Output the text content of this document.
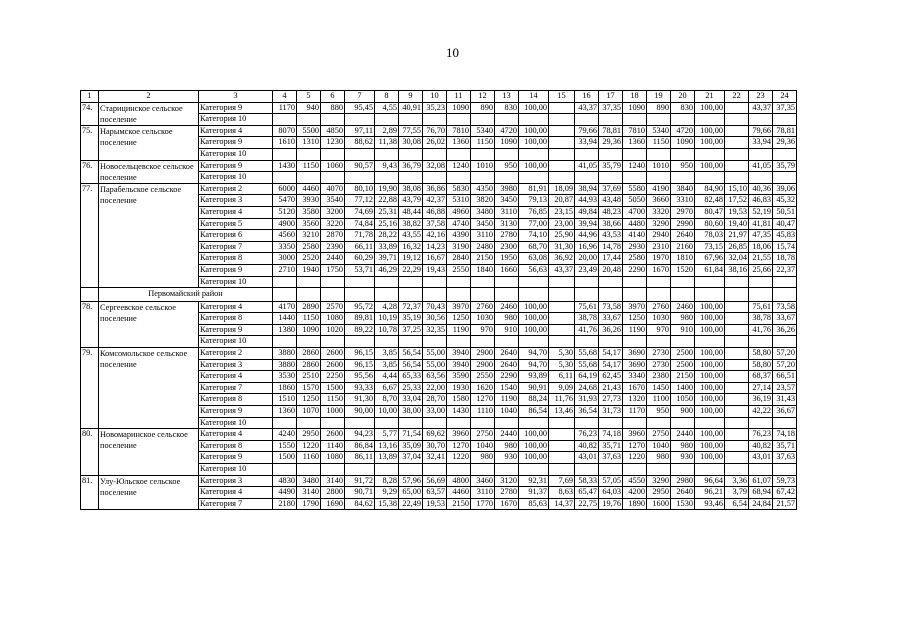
10
1	2	3	4	5	6	7	8	9	10	11	12	13	14	15	16	17	18	19	20	21	22	23	24
74.	Старицинское сельское поселение	Категория 9	1170	940	880	95,45	4,55	40,91	35,23	1090	890	830	100,00		43,37	37,35	1090	890	830	100,00		43,37	37,35
		Категория 10																					
75.	Нарымское сельское поселение	Категория 4	8070	5500	4850	97,11	2,89	77,55	76,70	7810	5340	4720	100,00		79,66	78,81	7810	5340	4720	100,00		79,66	78,81
		Категория 9	1610	1310	1230	88,62	11,38	30,08	26,02	1360	1150	1090	100,00		33,94	29,36	1360	1150	1090	100,00		33,94	29,36
		Категория 10																					
76.	Новосельцевское сельское поселение	Категория 9	1430	1150	1060	90,57	9,43	36,79	32,08	1240	1010	950	100,00		41,05	35,79	1240	1010	950	100,00		41,05	35,79
		Категория 10																					
77.	Парабельское сельское поселение	Категория 2	6000	4460	4070	80,10	19,90	38,08	36,86	5830	4350	3980	81,91	18,09	38,94	37,69	5580	4190	3840	84,90	15,10	40,36	39,06
		Категория 3	5470	3930	3540	77,12	22,88	43,79	42,37	5310	3820	3450	79,13	20,87	44,93	43,48	5050	3660	3310	82,48	17,52	46,83	45,32
		Категория 4	5120	3580	3200	74,69	25,31	48,44	46,88	4960	3480	3110	76,85	23,15	49,84	48,23	4700	3320	2970	80,47	19,53	52,19	50,51
		Категория 5	4900	3560	3220	74,84	25,16	38,82	37,58	4740	3450	3130	77,00	23,00	39,94	38,66	4480	3290	2990	80,60	19,40	41,81	40,47
		Категория 6	4560	3210	2870	71,78	28,22	43,55	42,16	4390	3110	2780	74,10	25,90	44,96	43,53	4140	2940	2640	78,03	21,97	47,35	45,83
		Категория 7	3350	2580	2390	66,11	33,89	16,32	14,23	3190	2480	2300	68,70	31,30	16,96	14,78	2930	2310	2160	73,15	26,85	18,06	15,74
		Категория 8	3000	2520	2440	60,29	39,71	19,12	16,67	2840	2150	1950	63,08	36,92	20,00	17,44	2580	1970	1810	67,96	32,04	21,55	18,78
		Категория 9	2710	1940	1750	53,71	46,29	22,29	19,43	2550	1840	1660	56,63	43,37	23,49	20,48	2290	1670	1520	61,84	38,16	25,66	22,37
		Категория 10																					
	Первомайский район																						
78.	Сергеевское сельское поселение	Категория 4	4170	2890	2570	95,72	4,28	72,37	70,43	3970	2760	2460	100,00		75,61	73,58	3970	2760	2460	100,00		75,61	73,58
		Категория 8	1440	1150	1080	89,81	10,19	35,19	30,56	1250	1030	980	100,00		38,78	33,67	1250	1030	980	100,00		38,78	33,67
		Категория 9	1380	1090	1020	89,22	10,78	37,25	32,35	1190	970	910	100,00		41,76	36,26	1190	970	910	100,00		41,76	36,26
		Категория 10																					
79.	Комсомольское сельское поселение	Категория 2	3880	2860	2600	96,15	3,85	56,54	55,00	3940	2900	2640	94,70	5,30	55,68	54,17	3690	2730	2500	100,00		58,80	57,20
		Категория 3	3880	2860	2600	96,15	3,85	56,54	55,00	3940	2900	2640	94,70	5,30	55,68	54,17	3690	2730	2500	100,00		58,80	57,20
		Категория 4	3530	2510	2250	95,56	4,44	65,33	63,56	3590	2550	2290	93,89	6,11	64,19	62,45	3340	2380	2150	100,00		68,37	66,51
		Категория 7	1860	1570	1500	93,33	6,67	25,33	22,00	1930	1620	1540	90,91	9,09	24,68	21,43	1670	1450	1400	100,00		27,14	23,57
		Категория 8	1510	1250	1150	91,30	8,70	33,04	28,70	1580	1270	1190	88,24	11,76	31,93	27,73	1320	1100	1050	100,00		36,19	31,43
		Категория 9	1360	1070	1000	90,00	10,00	38,00	33,00	1430	1110	1040	86,54	13,46	36,54	31,73	1170	950	900	100,00		42,22	36,67
		Категория 10																					
80.	Новомаринское сельское поселение	Категория 4	4240	2950	2600	94,23	5,77	71,54	69,62	3960	2750	2440	100,00		76,23	74,18	3960	2750	2440	100,00		76,23	74,18
		Категория 8	1550	1220	1140	86,84	13,16	35,09	30,70	1270	1040	980	100,00		40,82	35,71	1270	1040	980	100,00		40,82	35,71
		Категория 9	1500	1160	1080	86,11	13,89	37,04	32,41	1220	980	930	100,00		43,01	37,63	1220	980	930	100,00		43,01	37,63
		Категория 10																					
81.	Улу-Юльское сельское поселение	Категория 3	4830	3480	3140	91,72	8,28	57,96	56,69	4800	3460	3120	92,31	7,69	58,33	57,05	4550	3290	2980	96,64	3,36	61,07	59,73
		Категория 4	4490	3140	2800	90,71	9,29	65,00	63,57	4460	3110	2780	91,37	8,63	65,47	64,03	4200	2950	2640	96,21	3,79	68,94	67,42
		Категория 7	2180	1790	1690	84,62	15,38	22,49	19,53	2150	1770	1670	85,63	14,37	22,75	19,76	1890	1600	1530	93,46	6,54	24,84	21,57
